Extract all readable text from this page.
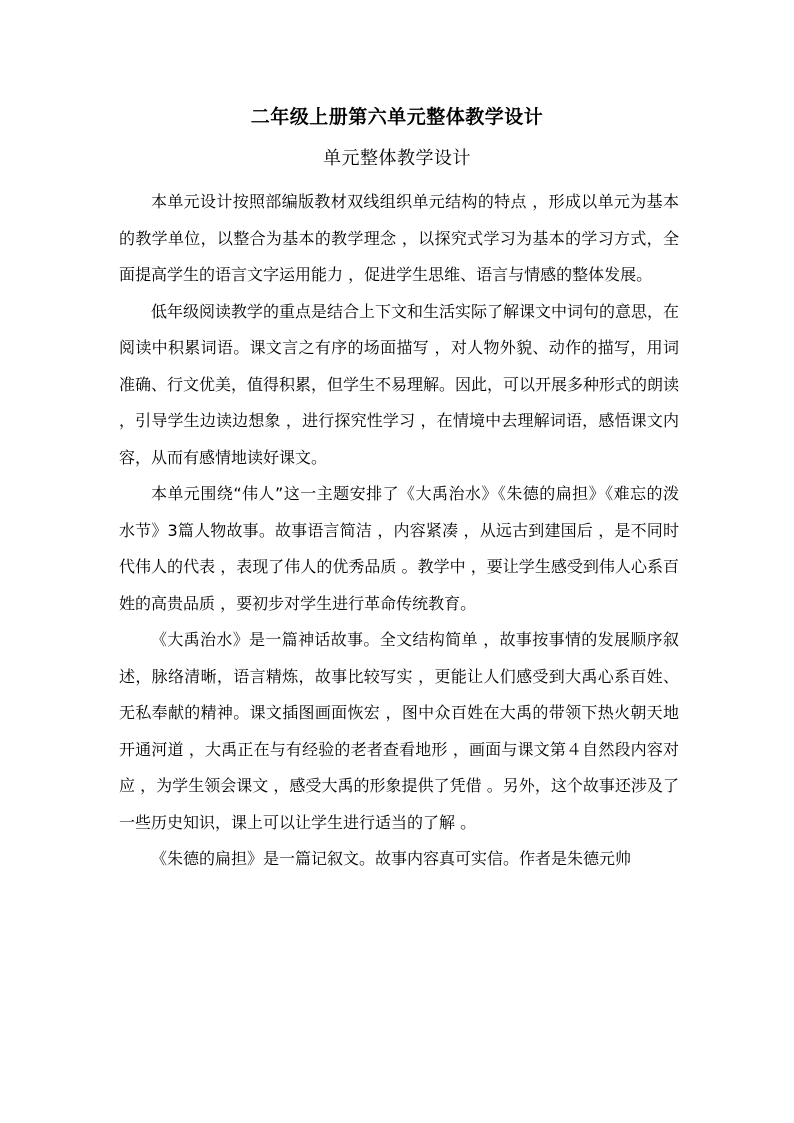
二年级上册第六单元整体教学设计
单元整体教学设计

本单元设计按照部编版教材双线组织单元结构的特点 ，形成以单元为基本的教学单位，以整合为基本的教学理念 ，以探究式学习为基本的学习方式，全面提高学生的语言文字运用能力 ，促进学生思维、语言与情感的整体发展。

低年级阅读教学的重点是结合上下文和生活实际了解课文中词句的意思，在阅读中积累词语。课文言之有序的场面描写 ，对人物外貌、动作的描写，用词准确、行文优美，值得积累，但学生不易理解。因此，可以开展多种形式的朗读 ，引导学生边读边想象 ，进行探究性学习 ，在情境中去理解词语，感悟课文内容，从而有感情地读好课文。

本单元围绕“伟人”这一主题安排了《大禹治水》《朱德的扁担》《难忘的泼水节》3篇人物故事。故事语言简洁 ，内容紧凑 ，从远古到建国后 ，是不同时代伟人的代表 ，表现了伟人的优秀品质 。教学中 ，要让学生感受到伟人心系百姓的高贵品质 ，要初步对学生进行革命传统教育。

《大禹治水》是一篇神话故事。全文结构简单 ，故事按事情的发展顺序叙述，脉络清晰，语言精炼，故事比较写实 ，更能让人们感受到大禹心系百姓、无私奉献的精神。课文插图画面恢宏 ，图中众百姓在大禹的带领下热火朝天地开通河道 ，大禹正在与有经验的老者查看地形 ，画面与课文第４自然段内容对应 ，为学生领会课文 ，感受大禹的形象提供了凭借 。另外，这个故事还涉及了一些历史知识，课上可以让学生进行适当的了解 。

《朱德的扁担》是一篇记叙文。故事内容真可实信。作者是朱德元帅
